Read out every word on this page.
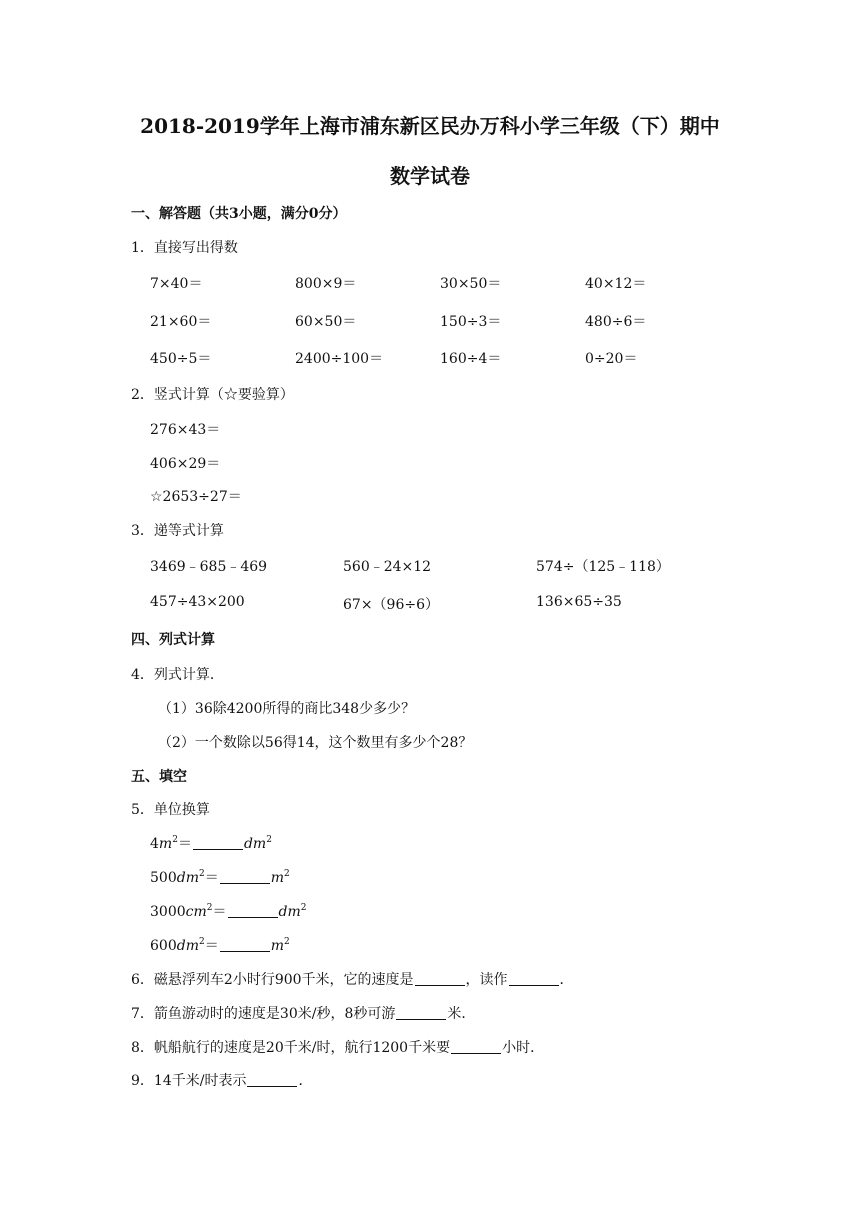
2018-2019学年上海市浦东新区民办万科小学三年级（下）期中
数学试卷
一、解答题（共3小题，满分0分）
1．直接写出得数
7×40＝	800×9＝	30×50＝	40×12＝
21×60＝	60×50＝	150÷3＝	480÷6＝
450÷5＝	2400÷100＝	160÷4＝	0÷20＝
2．竖式计算（☆要验算）
276×43＝
406×29＝
☆2653÷27＝
3．递等式计算
3469﹣685﹣469	560﹣24×12	574÷（125﹣118）
457÷43×200	67×（96÷6）	136×65÷35
四、列式计算
4．列式计算．
（1）36除4200所得的商比348少多少？
（2）一个数除以56得14，这个数里有多少个28？
五、填空
5．单位换算
$4m^2=$	$dm^2$
$500dm^2=$	$m^2$
$3000cm^2=$	$dm^2$
$600dm^2=$	$m^2$
6．磁悬浮列车2小时行900千米，它的速度是	，读作	．
7．箭鱼游动时的速度是30米/秒，8秒可游	米．
8．帆船航行的速度是20千米/时，航行1200千米要	小时．
9．14千米/时表示	．
